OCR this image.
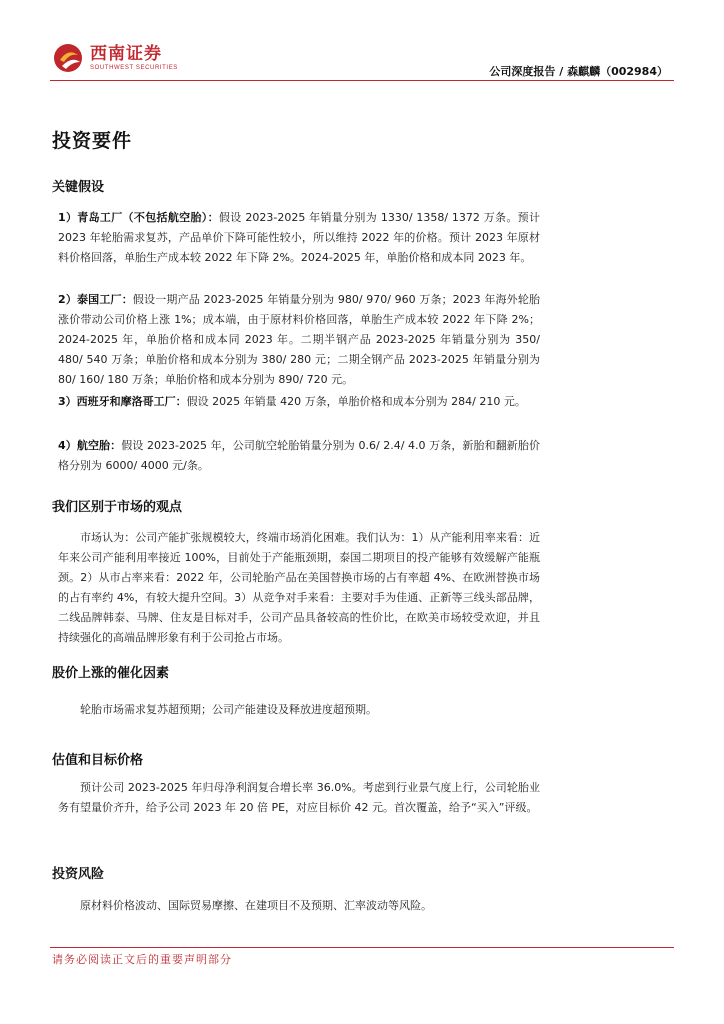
西南证券
SOUTHWEST SECURITIES	公司深度报告 / 森麒麟（002984）
投资要件
关键假设

1）青岛工厂（不包括航空胎）：假设 2023-2025 年销量分别为 1330/ 1358/ 1372 万条。预计 2023 年轮胎需求复苏，产品单价下降可能性较小，所以维持 2022 年的价格。预计 2023 年原材料价格回落，单胎生产成本较 2022 年下降 2%。2024-2025 年，单胎价格和成本同 2023 年。

2）泰国工厂：假设一期产品 2023-2025 年销量分别为 980/ 970/ 960 万条；2023 年海外轮胎涨价带动公司价格上涨 1%；成本端，由于原材料价格回落，单胎生产成本较 2022 年下降 2%；2024-2025 年，单胎价格和成本同 2023 年。二期半钢产品 2023-2025 年销量分别为 350/ 480/ 540 万条；单胎价格和成本分别为 380/ 280 元；二期全钢产品 2023-2025 年销量分别为 80/ 160/ 180 万条；单胎价格和成本分别为 890/ 720 元。

3）西班牙和摩洛哥工厂：假设 2025 年销量 420 万条，单胎价格和成本分别为 284/ 210 元。

4）航空胎：假设 2023-2025 年，公司航空轮胎销量分别为 0.6/ 2.4/ 4.0 万条，新胎和翻新胎价格分别为 6000/ 4000 元/条。

我们区别于市场的观点

市场认为：公司产能扩张规模较大，终端市场消化困难。我们认为：1）从产能利用率来看：近年来公司产能利用率接近 100%，目前处于产能瓶颈期，泰国二期项目的投产能够有效缓解产能瓶颈。2）从市占率来看：2022 年，公司轮胎产品在美国替换市场的占有率超 4%、在欧洲替换市场的占有率约 4%，有较大提升空间。3）从竞争对手来看：主要对手为佳通、正新等三线头部品牌，二线品牌韩泰、马牌、住友是目标对手，公司产品具备较高的性价比，在欧美市场较受欢迎，并且持续强化的高端品牌形象有利于公司抢占市场。

股价上涨的催化因素

轮胎市场需求复苏超预期；公司产能建设及释放进度超预期。

估值和目标价格

预计公司 2023-2025 年归母净利润复合增长率 36.0%。考虑到行业景气度上行，公司轮胎业务有望量价齐升，给予公司 2023 年 20 倍 PE，对应目标价 42 元。首次覆盖，给予“买入”评级。

投资风险

原材料价格波动、国际贸易摩擦、在建项目不及预期、汇率波动等风险。

请务必阅读正文后的重要声明部分
